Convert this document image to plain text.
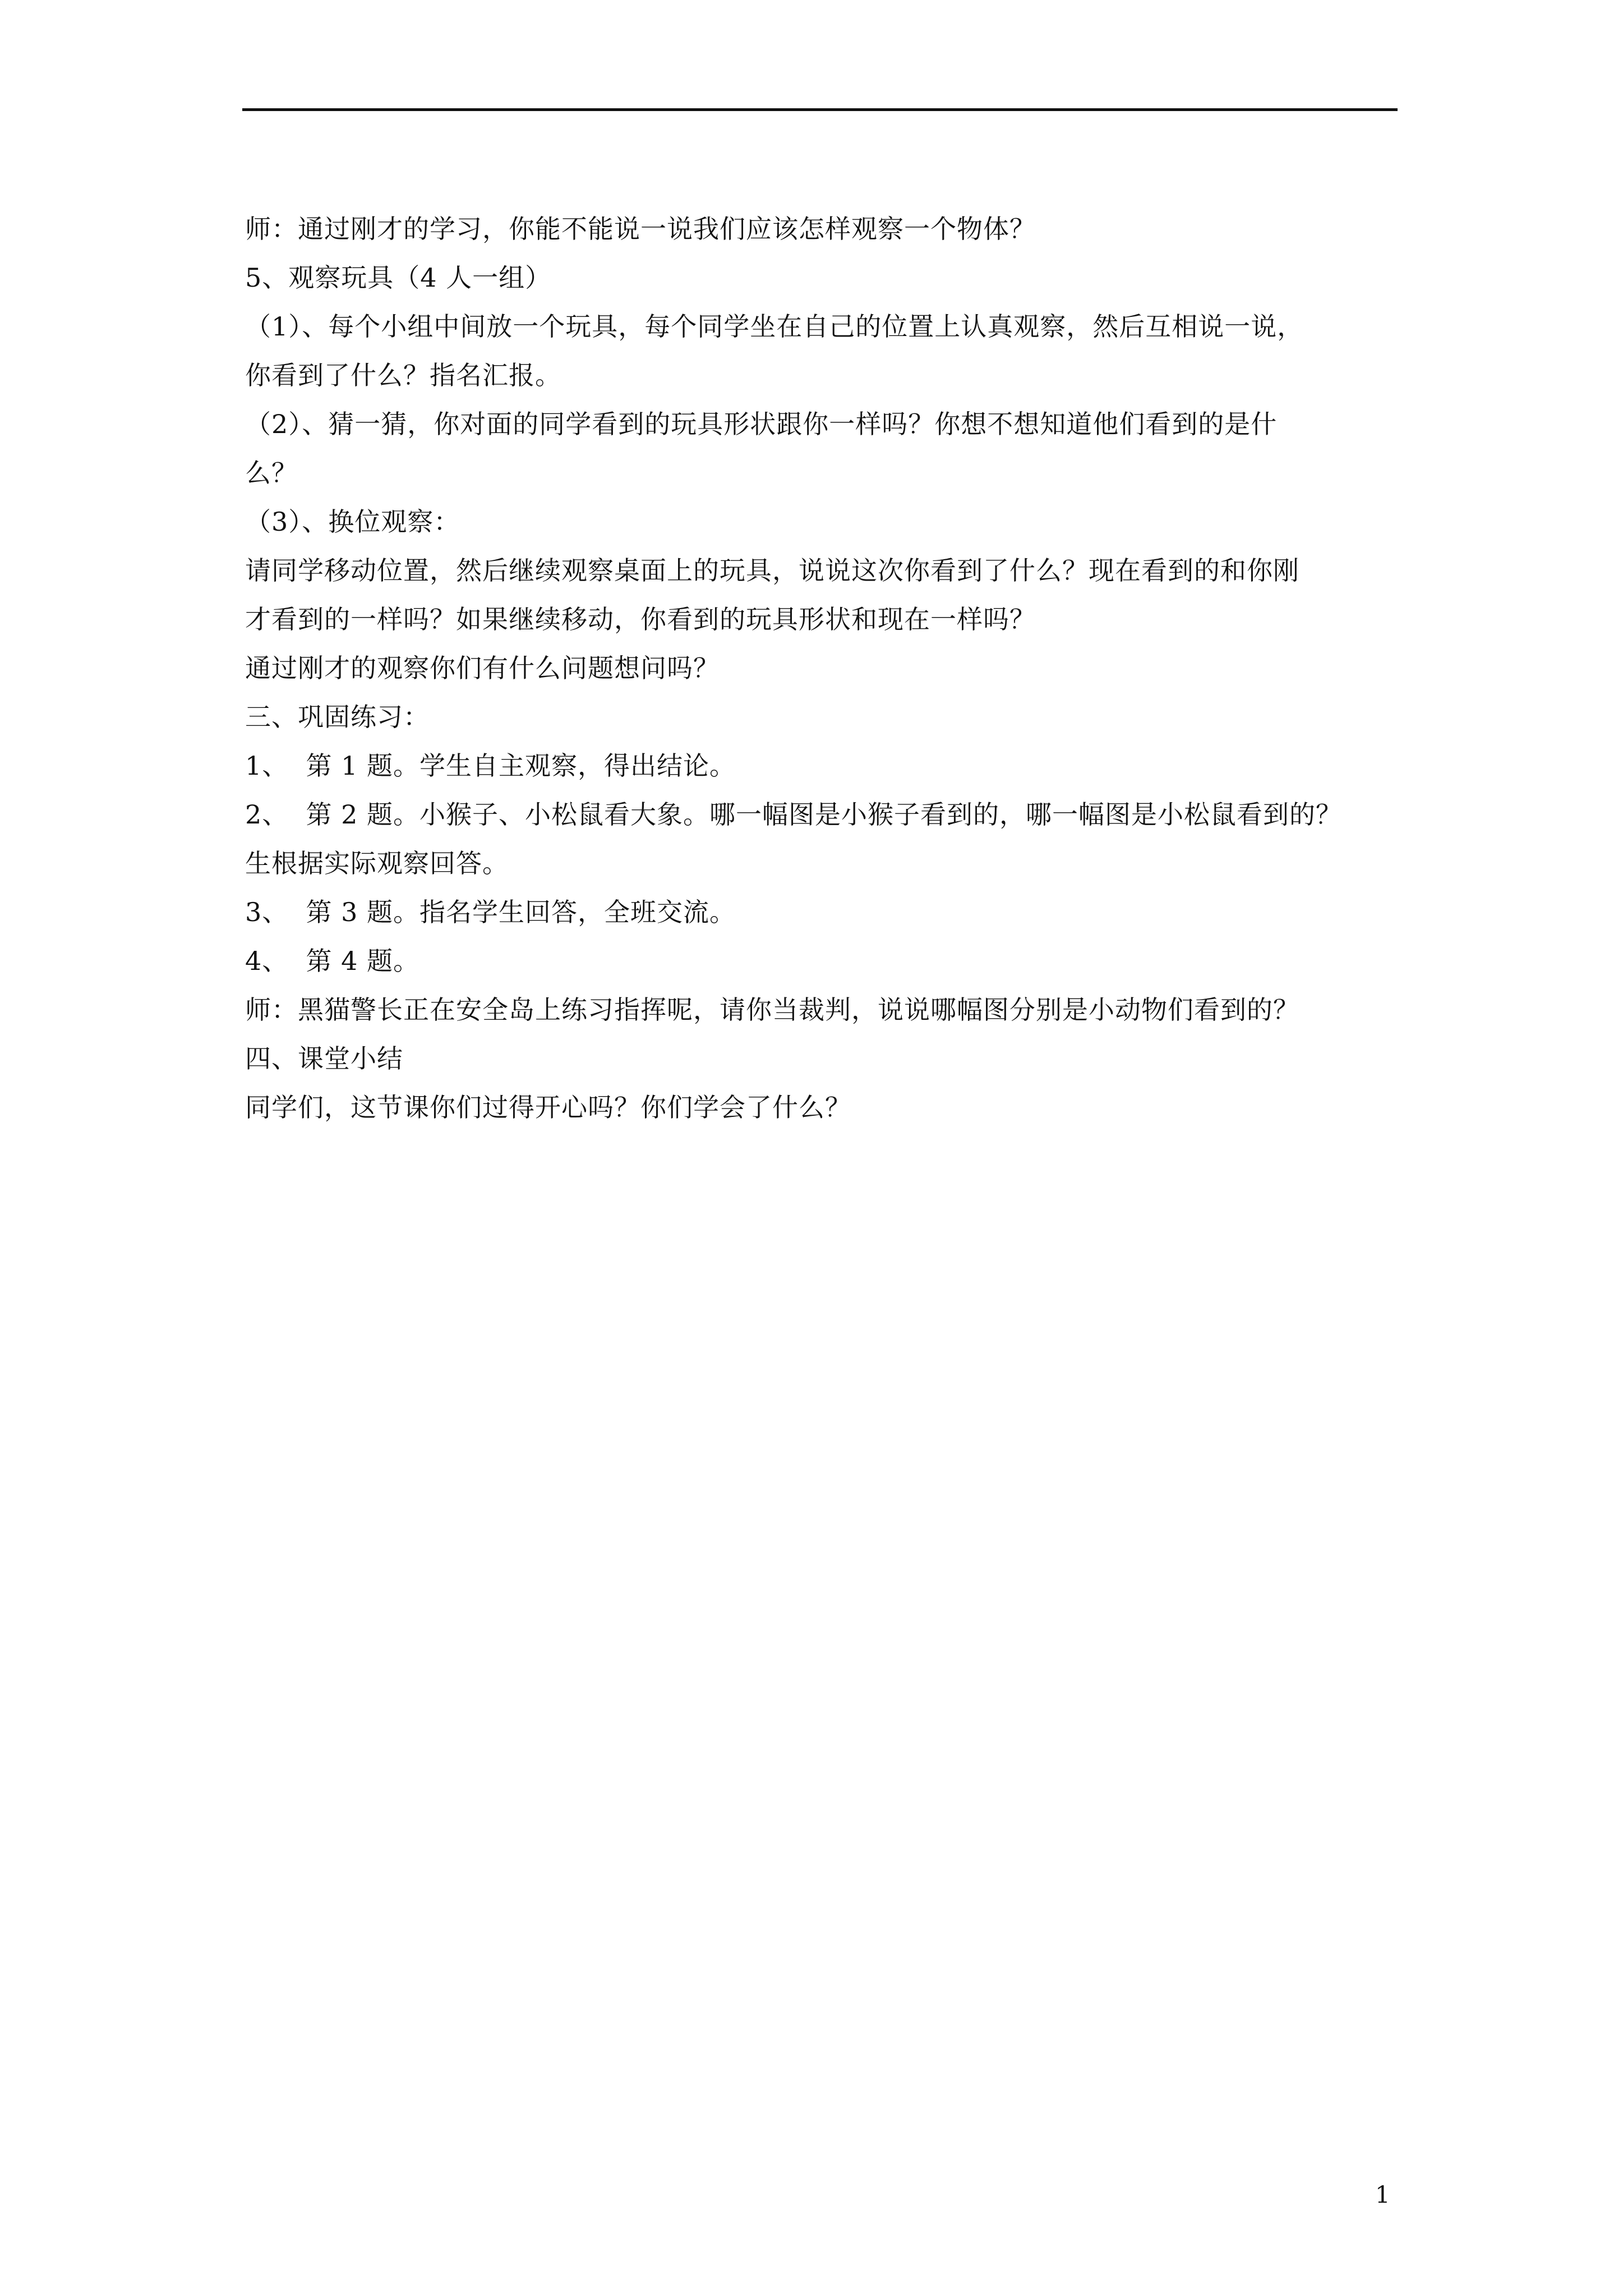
师：通过刚才的学习，你能不能说一说我们应该怎样观察一个物体？
5、观察玩具（4 人一组）
（1）、每个小组中间放一个玩具，每个同学坐在自己的位置上认真观察，然后互相说一说，
你看到了什么？指名汇报。
（2）、猜一猜，你对面的同学看到的玩具形状跟你一样吗？你想不想知道他们看到的是什
么？
（3）、换位观察：
请同学移动位置，然后继续观察桌面上的玩具，说说这次你看到了什么？现在看到的和你刚
才看到的一样吗？如果继续移动，你看到的玩具形状和现在一样吗？
通过刚才的观察你们有什么问题想问吗？
三、巩固练习：
1、  第 1 题。学生自主观察，得出结论。
2、  第 2 题。小猴子、小松鼠看大象。哪一幅图是小猴子看到的，哪一幅图是小松鼠看到的？
生根据实际观察回答。
3、  第 3 题。指名学生回答，全班交流。
4、  第 4 题。
师：黑猫警长正在安全岛上练习指挥呢，请你当裁判，说说哪幅图分别是小动物们看到的？
四、课堂小结
同学们，这节课你们过得开心吗？你们学会了什么？
1
